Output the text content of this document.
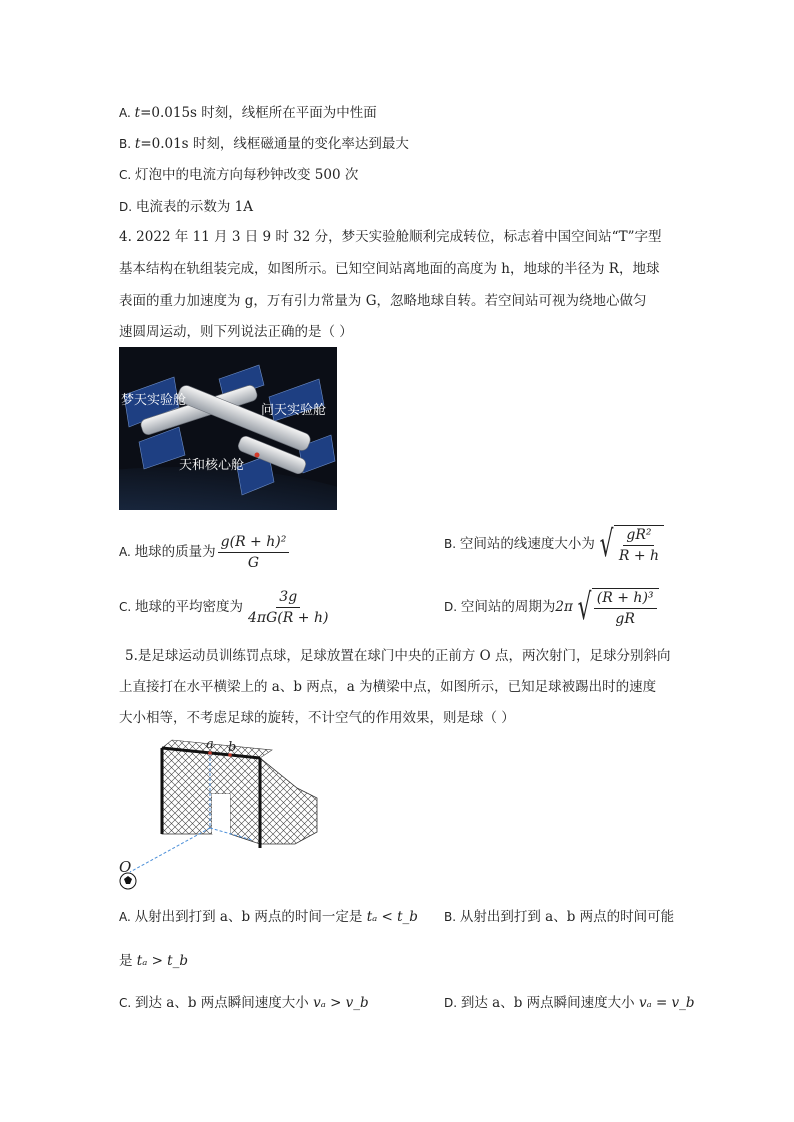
A. t=0.015s 时刻，线框所在平面为中性面
B. t=0.01s 时刻，线框磁通量的变化率达到最大
C. 灯泡中的电流方向每秒钟改变 500 次
D. 电流表的示数为 1A
4. 2022 年 11 月 3 日 9 时 32 分，梦天实验舱顺利完成转位，标志着中国空间站“T”字型
基本结构在轨组装完成，如图所示。已知空间站离地面的高度为 h，地球的半径为 R，地球
表面的重力加速度为 g，万有引力常量为 G，忽略地球自转。若空间站可视为绕地心做匀
速圆周运动，则下列说法正确的是（ ）
梦天实验舱
问天实验舱
天和核心舱
A. 地球的质量为 $\frac{\text{g(R + h)²}}{G}$	B. 空间站的线速度大小为 √ $\frac{\text{gR²}}{R + h}$
C. 地球的平均密度为 $\frac{3g}{4\pi G(R + h)}$	D. 空间站的周期为2π √ $\frac{\text{(R + h)³}}{gR}$
5.是足球运动员训练罚点球，足球放置在球门中央的正前方 O 点，两次射门，足球分别斜向
上直接打在水平横梁上的 a、b 两点，a 为横梁中点，如图所示，已知足球被踢出时的速度
大小相等，不考虑足球的旋转，不计空气的作用效果，则是球（ ）
a b
O
A. 从射出到打到 a、b 两点的时间一定是 tₐ < t_b B. 从射出到打到 a、b 两点的时间可能
是 tₐ > t_b
C. 到达 a、b 两点瞬间速度大小 vₐ > v_b	D. 到达 a、b 两点瞬间速度大小 vₐ = v_b
